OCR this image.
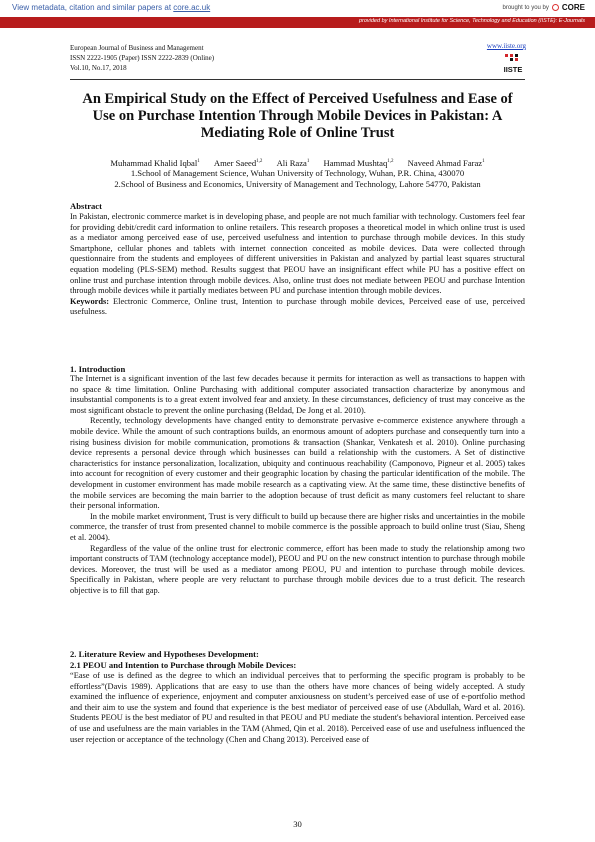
View metadata, citation and similar papers at core.ac.uk	brought to you by CORE
provided by International Institute for Science, Technology and Education (IISTE): E-Journals
European Journal of Business and Management
ISSN 2222-1905 (Paper) ISSN 2222-2839 (Online)
Vol.10, No.17, 2018
www.iiste.org
IISTE
An Empirical Study on the Effect of Perceived Usefulness and Ease of Use on Purchase Intention Through Mobile Devices in Pakistan: A Mediating Role of Online Trust
Muhammad Khalid Iqbal$^1$ Amer Saeed$^{1,2}$ Ali Raza$^1$ Hammad Mushtaq$^{1,2}$ Naveed Ahmad Faraz$^1$
1.School of Management Science, Wuhan University of Technology, Wuhan, P.R. China, 430070
2.School of Business and Economics, University of Management and Technology, Lahore 54770, Pakistan
Abstract

In Pakistan, electronic commerce market is in developing phase, and people are not much familiar with technology. Customers feel fear for providing debit/credit card information to online retailers. This research proposes a theoretical model in which online trust is used as a mediator among perceived ease of use, perceived usefulness and intention to purchase through mobile devices. In this study Smartphone, cellular phones and tablets with internet connection conceited as mobile devices. Data were collected through questionnaire from the students and employees of different universities in Pakistan and analyzed by partial least squares structural equation modeling (PLS-SEM) method. Results suggest that PEOU have an insignificant effect while PU has a positive effect on online trust and purchase intention through mobile devices. Also, online trust does not mediate between PEOU and purchase Intention through mobile devices while it partially mediates between PU and purchase intention through mobile devices.

Keywords: Electronic Commerce, Online trust, Intention to purchase through mobile devices, Perceived ease of use, perceived usefulness.

1. Introduction

The Internet is a significant invention of the last few decades because it permits for interaction as well as transactions to happen with no space & time limitation. Online Purchasing with additional computer associated transaction characterize by anonymous and insubstantial components is to a great extent involved fear and anxiety. In these circumstances, deficiency of trust may conceive as the most significant obstacle to prevent the online purchasing (Beldad, De Jong et al. 2010).

Recently, technology developments have changed entity to demonstrate pervasive e-commerce existence anywhere through a mobile device. While the amount of such contraptions builds, an enormous amount of adopters purchase and consequently turn into a rising business division for mobile communication, promotions & transaction (Shankar, Venkatesh et al. 2010). Online purchasing device represents a personal device through which businesses can build a relationship with the customers. A Set of distinctive characteristics for instance personalization, localization, ubiquity and continuous reachability (Camponovo, Pigneur et al. 2005) takes into account for recognition of every customer and their geographic location by chasing the particular identification of the mobile. The development in customer environment has made mobile research as a captivating view. At the same time, these distinctive benefits of the mobile services are becoming the main barrier to the adoption because of trust deficit as many customers feel reluctant to share their personal information.

In the mobile market environment, Trust is very difficult to build up because there are higher risks and uncertainties in the mobile commerce, the transfer of trust from presented channel to mobile commerce is the possible approach to build online trust (Siau, Sheng et al. 2004).

Regardless of the value of the online trust for electronic commerce, effort has been made to study the relationship among two important constructs of TAM (technology acceptance model), PEOU and PU on the new construct intention to purchase through mobile devices. Moreover, the trust will be used as a mediator among PEOU, PU and intention to purchase through mobile devices. Specifically in Pakistan, where people are very reluctant to purchase through mobile devices due to a trust deficit. The research objective is to fill that gap.

2. Literature Review and Hypotheses Development:
2.1 PEOU and Intention to Purchase through Mobile Devices:

“Ease of use is defined as the degree to which an individual perceives that to performing the specific program is probably to be effortless”(Davis 1989). Applications that are easy to use than the others have more chances of being widely accepted. A study examined the influence of experience, enjoyment and computer anxiousness on student’s perceived ease of use of e-portfolio method and their aim to use the system and found that experience is the best mediator of perceived ease of use (Abdullah, Ward et al. 2016). Students PEOU is the best mediator of PU and resulted in that PEOU and PU mediate the student's behavioral intention. Perceived ease of use and usefulness are the main variables in the TAM (Ahmed, Qin et al. 2018). Perceived ease of use and usefulness influenced the user rejection or acceptance of the technology (Chen and Chang 2013). Perceived ease of

30
